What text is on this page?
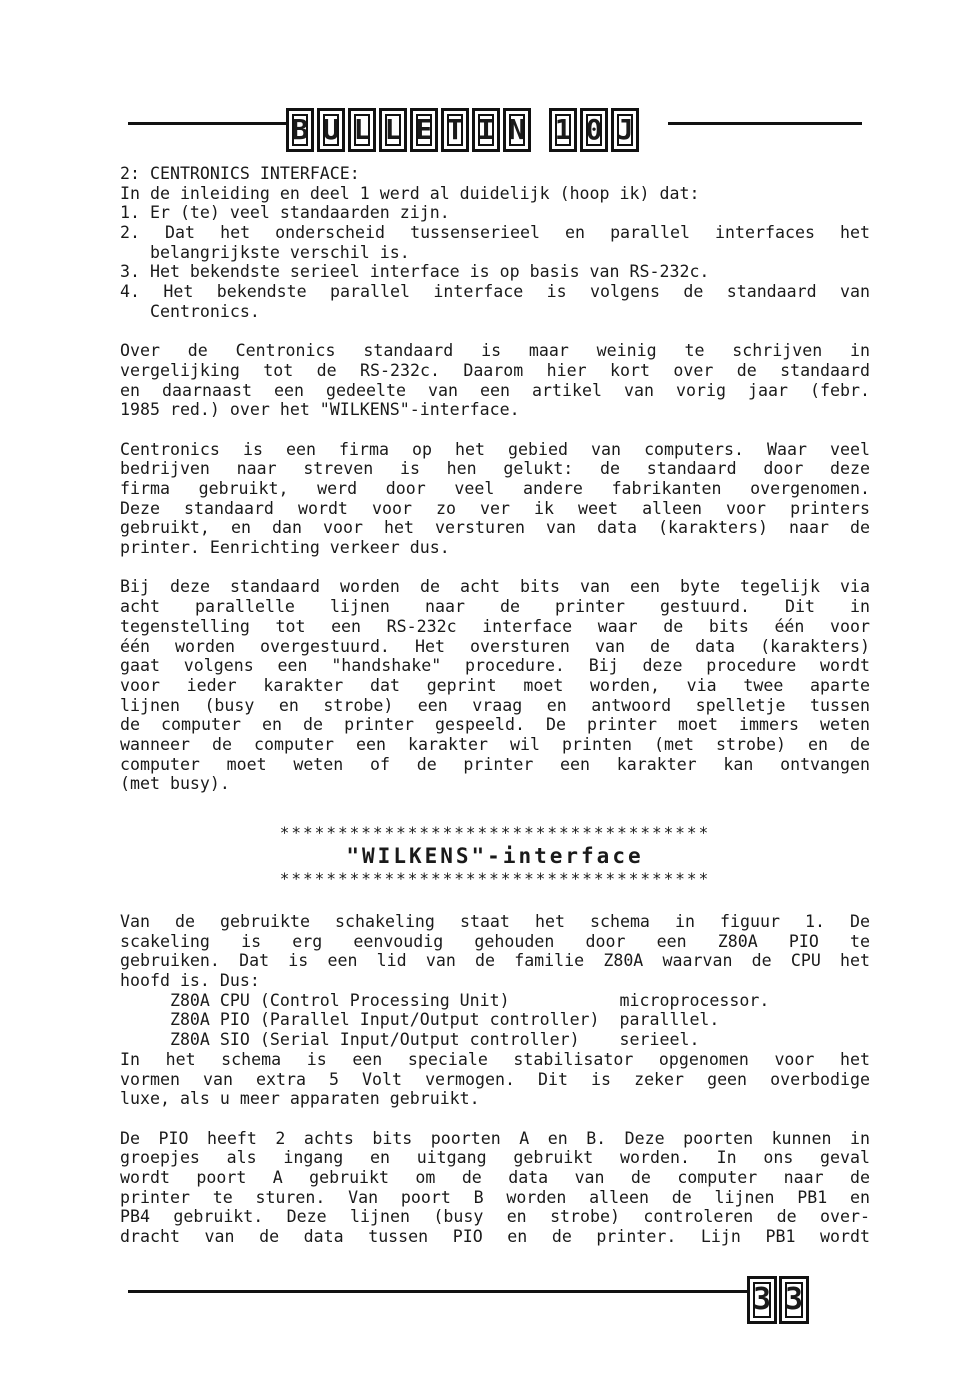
B U L L E T I N 1 0 J
2: CENTRONICS INTERFACE:
In de inleiding en deel 1 werd al duidelijk (hoop ik) dat:
1. Er (te) veel standaarden zijn.
2. Dat het onderscheid tussenserieel en parallel interfaces het
belangrijkste verschil is.
3. Het bekendste serieel interface is op basis van RS-232c.
4. Het bekendste parallel interface is volgens de standaard van
Centronics.
Over de Centronics standaard is maar weinig te schrijven in
vergelijking tot de RS-232c. Daarom hier kort over de standaard
en daarnaast een gedeelte van een artikel van vorig jaar (febr.
1985 red.) over het "WILKENS"-interface.
Centronics is een firma op het gebied van computers. Waar veel
bedrijven naar streven is hen gelukt: de standaard door deze
firma gebruikt, werd door veel andere fabrikanten overgenomen.
Deze standaard wordt voor zo ver ik weet alleen voor printers
gebruikt, en dan voor het versturen van data (karakters) naar de
printer. Eenrichting verkeer dus.
Bij deze standaard worden de acht bits van een byte tegelijk via
acht parallelle lijnen naar de printer gestuurd. Dit in
tegenstelling tot een RS-232c interface waar de bits één voor
één worden overgestuurd. Het oversturen van de data (karakters)
gaat volgens een "handshake" procedure. Bij deze procedure wordt
voor ieder karakter dat geprint moet worden, via twee aparte
lijnen (busy en strobe) een vraag en antwoord spelletje tussen
de computer en de printer gespeeld. De printer moet immers weten
wanneer de computer een karakter wil printen (met strobe) en de
computer moet weten of de printer een karakter kan ontvangen
(met busy).
*************************************
"WILKENS"-interface
*************************************
Van de gebruikte schakeling staat het schema in figuur 1. De
scakeling is erg eenvoudig gehouden door een Z80A PIO te
gebruiken. Dat is een lid van de familie Z80A waarvan de CPU het
hoofd is. Dus:
Z80A CPU (Control Processing Unit)           microprocessor.
Z80A PIO (Parallel Input/Output controller)  paralllel.
Z80A SIO (Serial Input/Output controller)    serieel.
In het schema is een speciale stabilisator opgenomen voor het
vormen van extra 5 Volt vermogen. Dit is zeker geen overbodige
luxe, als u meer apparaten gebruikt.
De PIO heeft 2 achts bits poorten A en B. Deze poorten kunnen in
groepjes als ingang en uitgang gebruikt worden. In ons geval
wordt poort A gebruikt om de data van de computer naar de
printer te sturen. Van poort B worden alleen de lijnen PB1 en
PB4 gebruikt. Deze lijnen (busy en strobe) controleren de over-
dracht van de data tussen PIO en de printer. Lijn PB1 wordt
3 3
